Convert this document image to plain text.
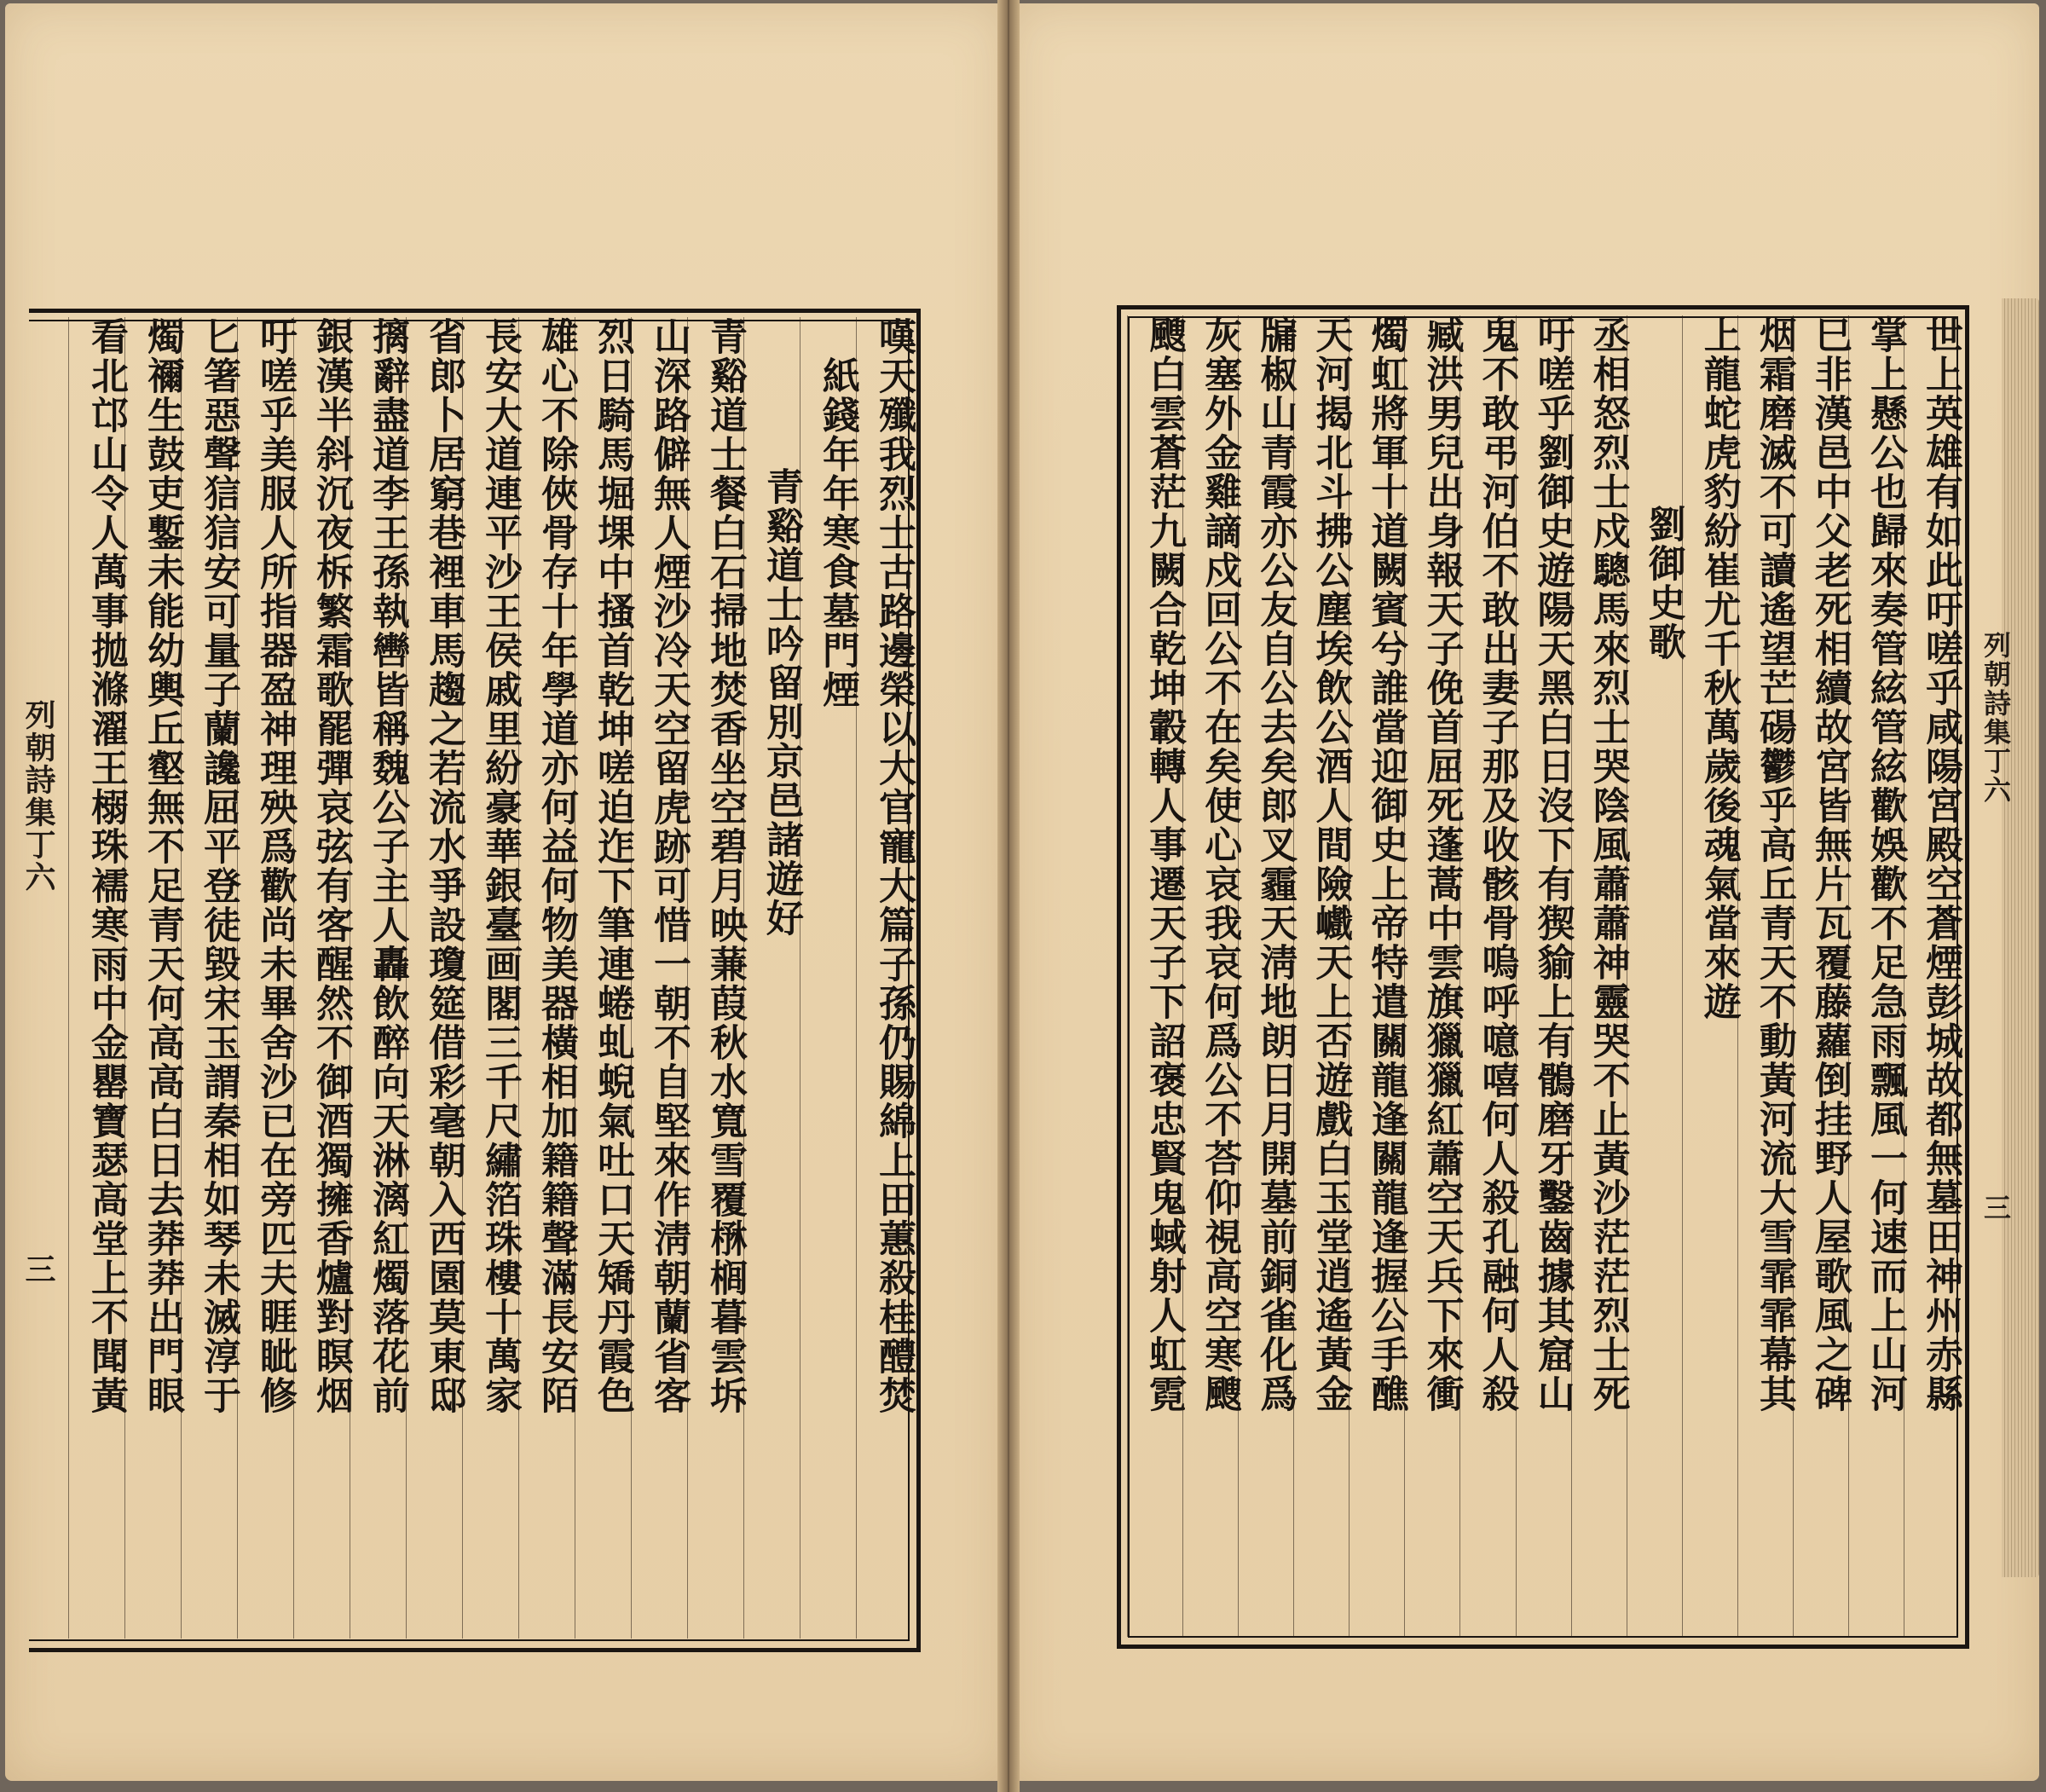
嘆天殲我烈士古路邊榮以大官寵大篇子孫仍賜綿上田蕙殺桂醴焚
紙錢年年寒食墓門煙
青谿道士吟留別京邑諸遊好
青谿道士餐白石掃地焚香坐空碧月映蒹葭秋水寬雪覆㮊榈暮雲坼
山深路僻無人煙沙冷天空留虎跡可惜一朝不自堅來作淸朝蘭省客
烈日騎馬堀堁中搔首乾坤嗟迫迮下筆連蜷虬蜺氣吐口天矯丹霞色
雄心不除俠骨存十年學道亦何益何物美器橫相加籍籍聲滿長安陌
長安大道連平沙王侯戚里紛豪華銀臺画閣三千尺繡箔珠樓十萬家
省郎卜居窮巷裡車馬趨之若流水爭設瓊筵借彩毫朝入西園莫東邸
摛辭盡道李王孫執轡皆稱魏公子主人轟飲醉向天淋漓紅燭落花前
銀漢半斜沉夜柝繁霜歌罷彈哀弦有客醒然不御酒獨擁香爐對瞑烟
吁嗟乎美服人所指器盈神理殃爲歡尚未畢舍沙已在旁匹夫睚眦修
匕箸惡聲狺狺安可量子蘭讒屈平登徒毀宋玉謂秦相如琴未滅淳于
燭禰生鼓吏鏨未能幼輿丘壑無不足青天何高高白日去莽莽出門眼
看北邙山令人萬事拋滌濯王榒珠襦寒雨中金罌寶瑟高堂上不聞黃
列朝詩集丁六
三	世上英雄有如此吁嗟乎咸陽宮殿空蒼煙彭城故都無墓田神州赤縣
掌上懸公也歸來奏管絃管絃歡娛歡不足急雨飄風一何速而上山河
巳非漢邑中父老死相續故宮皆無片瓦覆藤蘿倒挂野人屋歌風之碑
烟霜磨滅不可讀遙望芒碭鬱乎高丘青天不動黃河流大雪霏霏幕其
上龍蛇虎豹紛崔尤千秋萬歲後魂氣當來遊
劉御史歌
丞相怒烈士戍驄馬來烈士哭陰風蕭蕭神靈哭不止黃沙茫茫烈士死
吁嗟乎劉御史遊陽天黑白日沒下有猰貐上有鶻磨牙鑿齒據其窟山
鬼不敢弔河伯不敢出妻子那及收骸骨嗚呼噫嘻何人殺孔融何人殺
臧洪男兒出身報天子俛首屈死蓬蒿中雲旗獵獵紅蕭空天兵下來衝
燭虹將軍十道闕賓兮誰當迎御史上帝特遣關龍逢關龍逢握公手醮
天河揭北斗拂公塵埃飲公酒人間險巇天上否遊戲白玉堂逍遙黃金
牖椒山青霞亦公友自公去矣郎叉霾天淸地朗日月開墓前銅雀化爲
灰塞外金雞謫戍回公不在矣使心哀我哀何爲公不荅仰視高空寒颼
颼白雲蒼茫九闕合乾坤轂轉人事遷天子下詔褒忠賢鬼蜮射人虹霓	列朝詩集丁六
三
